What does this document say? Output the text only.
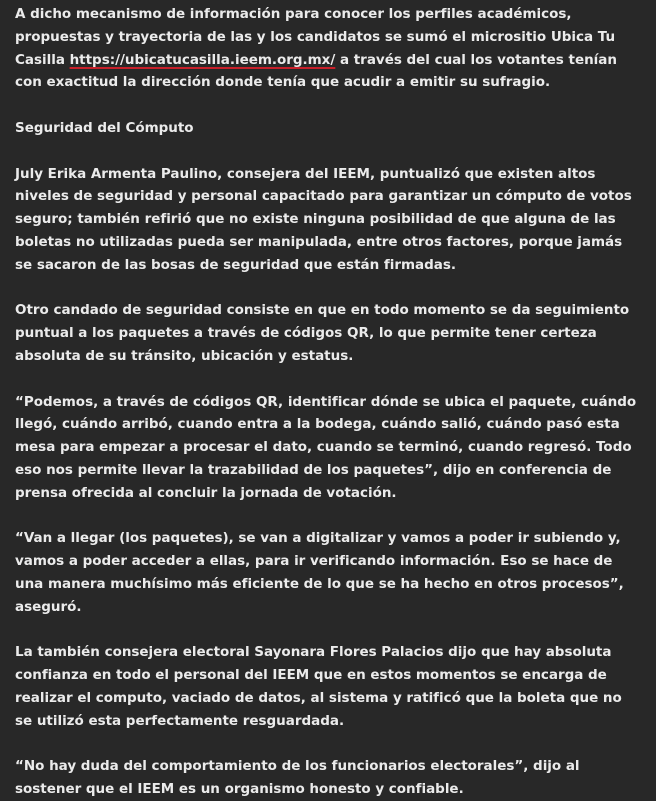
A dicho mecanismo de información para conocer los perfiles académicos, propuestas y trayectoria de las y los candidatos se sumó el micrositio Ubica Tu Casilla https://ubicatucasilla.ieem.org.mx/ a través del cual los votantes tenían con exactitud la dirección donde tenía que acudir a emitir su sufragio.

Seguridad del Cómputo

July Erika Armenta Paulino, consejera del IEEM, puntualizó que existen altos niveles de seguridad y personal capacitado para garantizar un cómputo de votos seguro; también refirió que no existe ninguna posibilidad de que alguna de las boletas no utilizadas pueda ser manipulada, entre otros factores, porque jamás se sacaron de las bosas de seguridad que están firmadas.

Otro candado de seguridad consiste en que en todo momento se da seguimiento puntual a los paquetes a través de códigos QR, lo que permite tener certeza absoluta de su tránsito, ubicación y estatus.

“Podemos, a través de códigos QR, identificar dónde se ubica el paquete, cuándo llegó, cuándo arribó, cuando entra a la bodega, cuándo salió, cuándo pasó esta mesa para empezar a procesar el dato, cuando se terminó, cuando regresó. Todo eso nos permite llevar la trazabilidad de los paquetes”, dijo en conferencia de prensa ofrecida al concluir la jornada de votación.

“Van a llegar (los paquetes), se van a digitalizar y vamos a poder ir subiendo y, vamos a poder acceder a ellas, para ir verificando información. Eso se hace de una manera muchísimo más eficiente de lo que se ha hecho en otros procesos”, aseguró.

La también consejera electoral Sayonara Flores Palacios dijo que hay absoluta confianza en todo el personal del IEEM que en estos momentos se encarga de realizar el computo, vaciado de datos, al sistema y ratificó que la boleta que no se utilizó esta perfectamente resguardada.

“No hay duda del comportamiento de los funcionarios electorales”, dijo al sostener que el IEEM es un organismo honesto y confiable.
